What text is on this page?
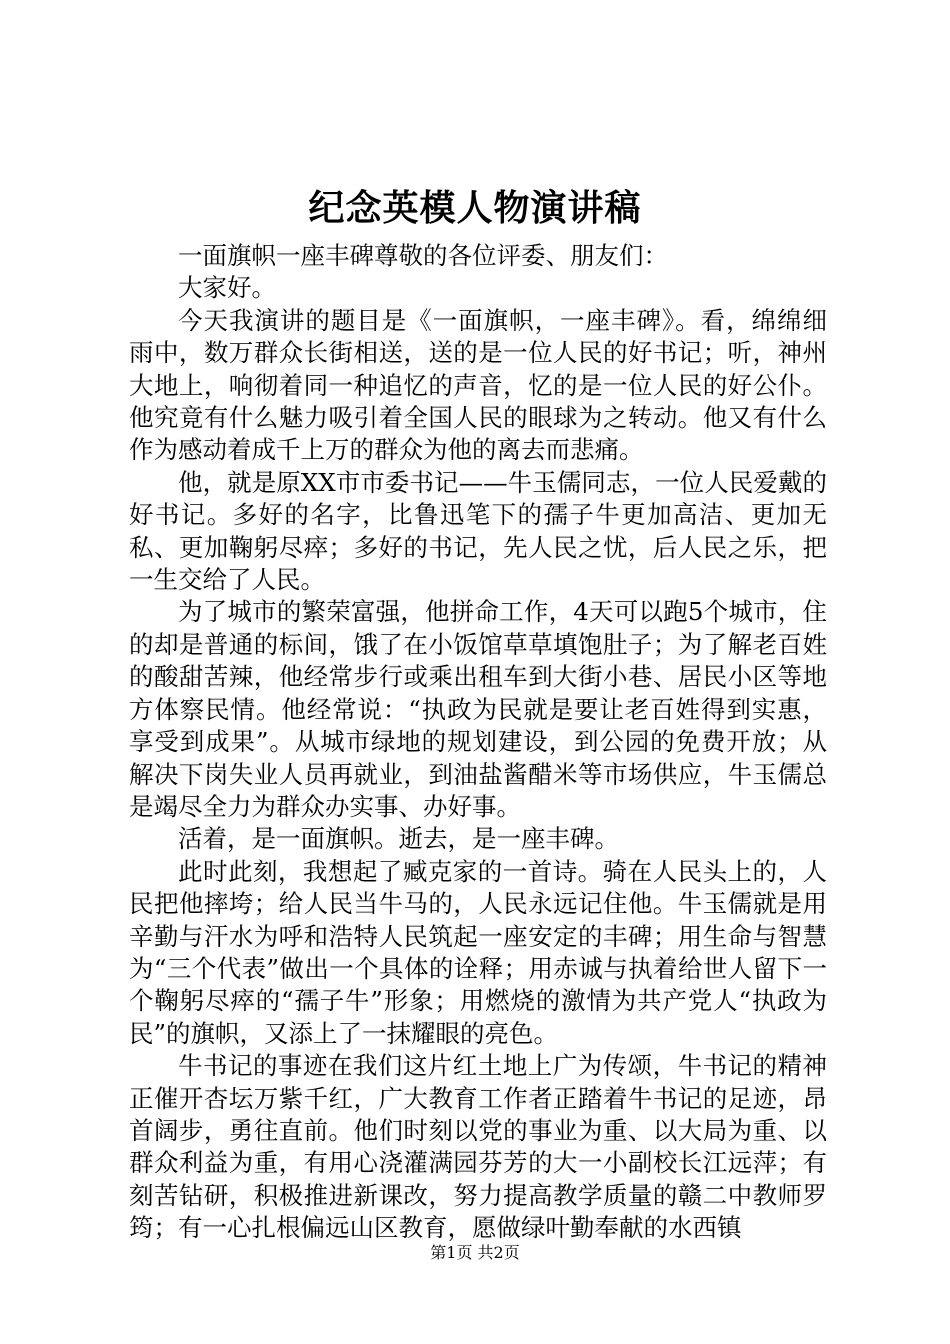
纪念英模人物演讲稿

一面旗帜一座丰碑尊敬的各位评委、朋友们：

大家好。

今天我演讲的题目是《一面旗帜，一座丰碑》。看，绵绵细雨中，数万群众长街相送，送的是一位人民的好书记；听，神州大地上，响彻着同一种追忆的声音，忆的是一位人民的好公仆。他究竟有什么魅力吸引着全国人民的眼球为之转动。他又有什么作为感动着成千上万的群众为他的离去而悲痛。

他，就是原XX市市委书记——牛玉儒同志，一位人民爱戴的好书记。多好的名字，比鲁迅笔下的孺子牛更加高洁、更加无私、更加鞠躬尽瘁；多好的书记，先人民之忧，后人民之乐，把一生交给了人民。

为了城市的繁荣富强，他拼命工作，4天可以跑5个城市，住的却是普通的标间，饿了在小饭馆草草填饱肚子；为了解老百姓的酸甜苦辣，他经常步行或乘出租车到大街小巷、居民小区等地方体察民情。他经常说：“执政为民就是要让老百姓得到实惠，享受到成果”。从城市绿地的规划建设，到公园的免费开放；从解决下岗失业人员再就业，到油盐酱醋米等市场供应，牛玉儒总是竭尽全力为群众办实事、办好事。

活着，是一面旗帜。逝去，是一座丰碑。

此时此刻，我想起了臧克家的一首诗。骑在人民头上的，人民把他摔垮；给人民当牛马的，人民永远记住他。牛玉儒就是用辛勤与汗水为呼和浩特人民筑起一座安定的丰碑；用生命与智慧为“三个代表”做出一个具体的诠释；用赤诚与执着给世人留下一个鞠躬尽瘁的“孺子牛”形象；用燃烧的激情为共产党人“执政为民”的旗帜，又添上了一抹耀眼的亮色。

牛书记的事迹在我们这片红土地上广为传颂，牛书记的精神正催开杏坛万紫千红，广大教育工作者正踏着牛书记的足迹，昂首阔步，勇往直前。他们时刻以党的事业为重、以大局为重、以群众利益为重，有用心浇灌满园芬芳的大一小副校长江远萍；有刻苦钻研，积极推进新课改，努力提高教学质量的赣二中教师罗筠；有一心扎根偏远山区教育，愿做绿叶勤奉献的水西镇

第1页 共2页
